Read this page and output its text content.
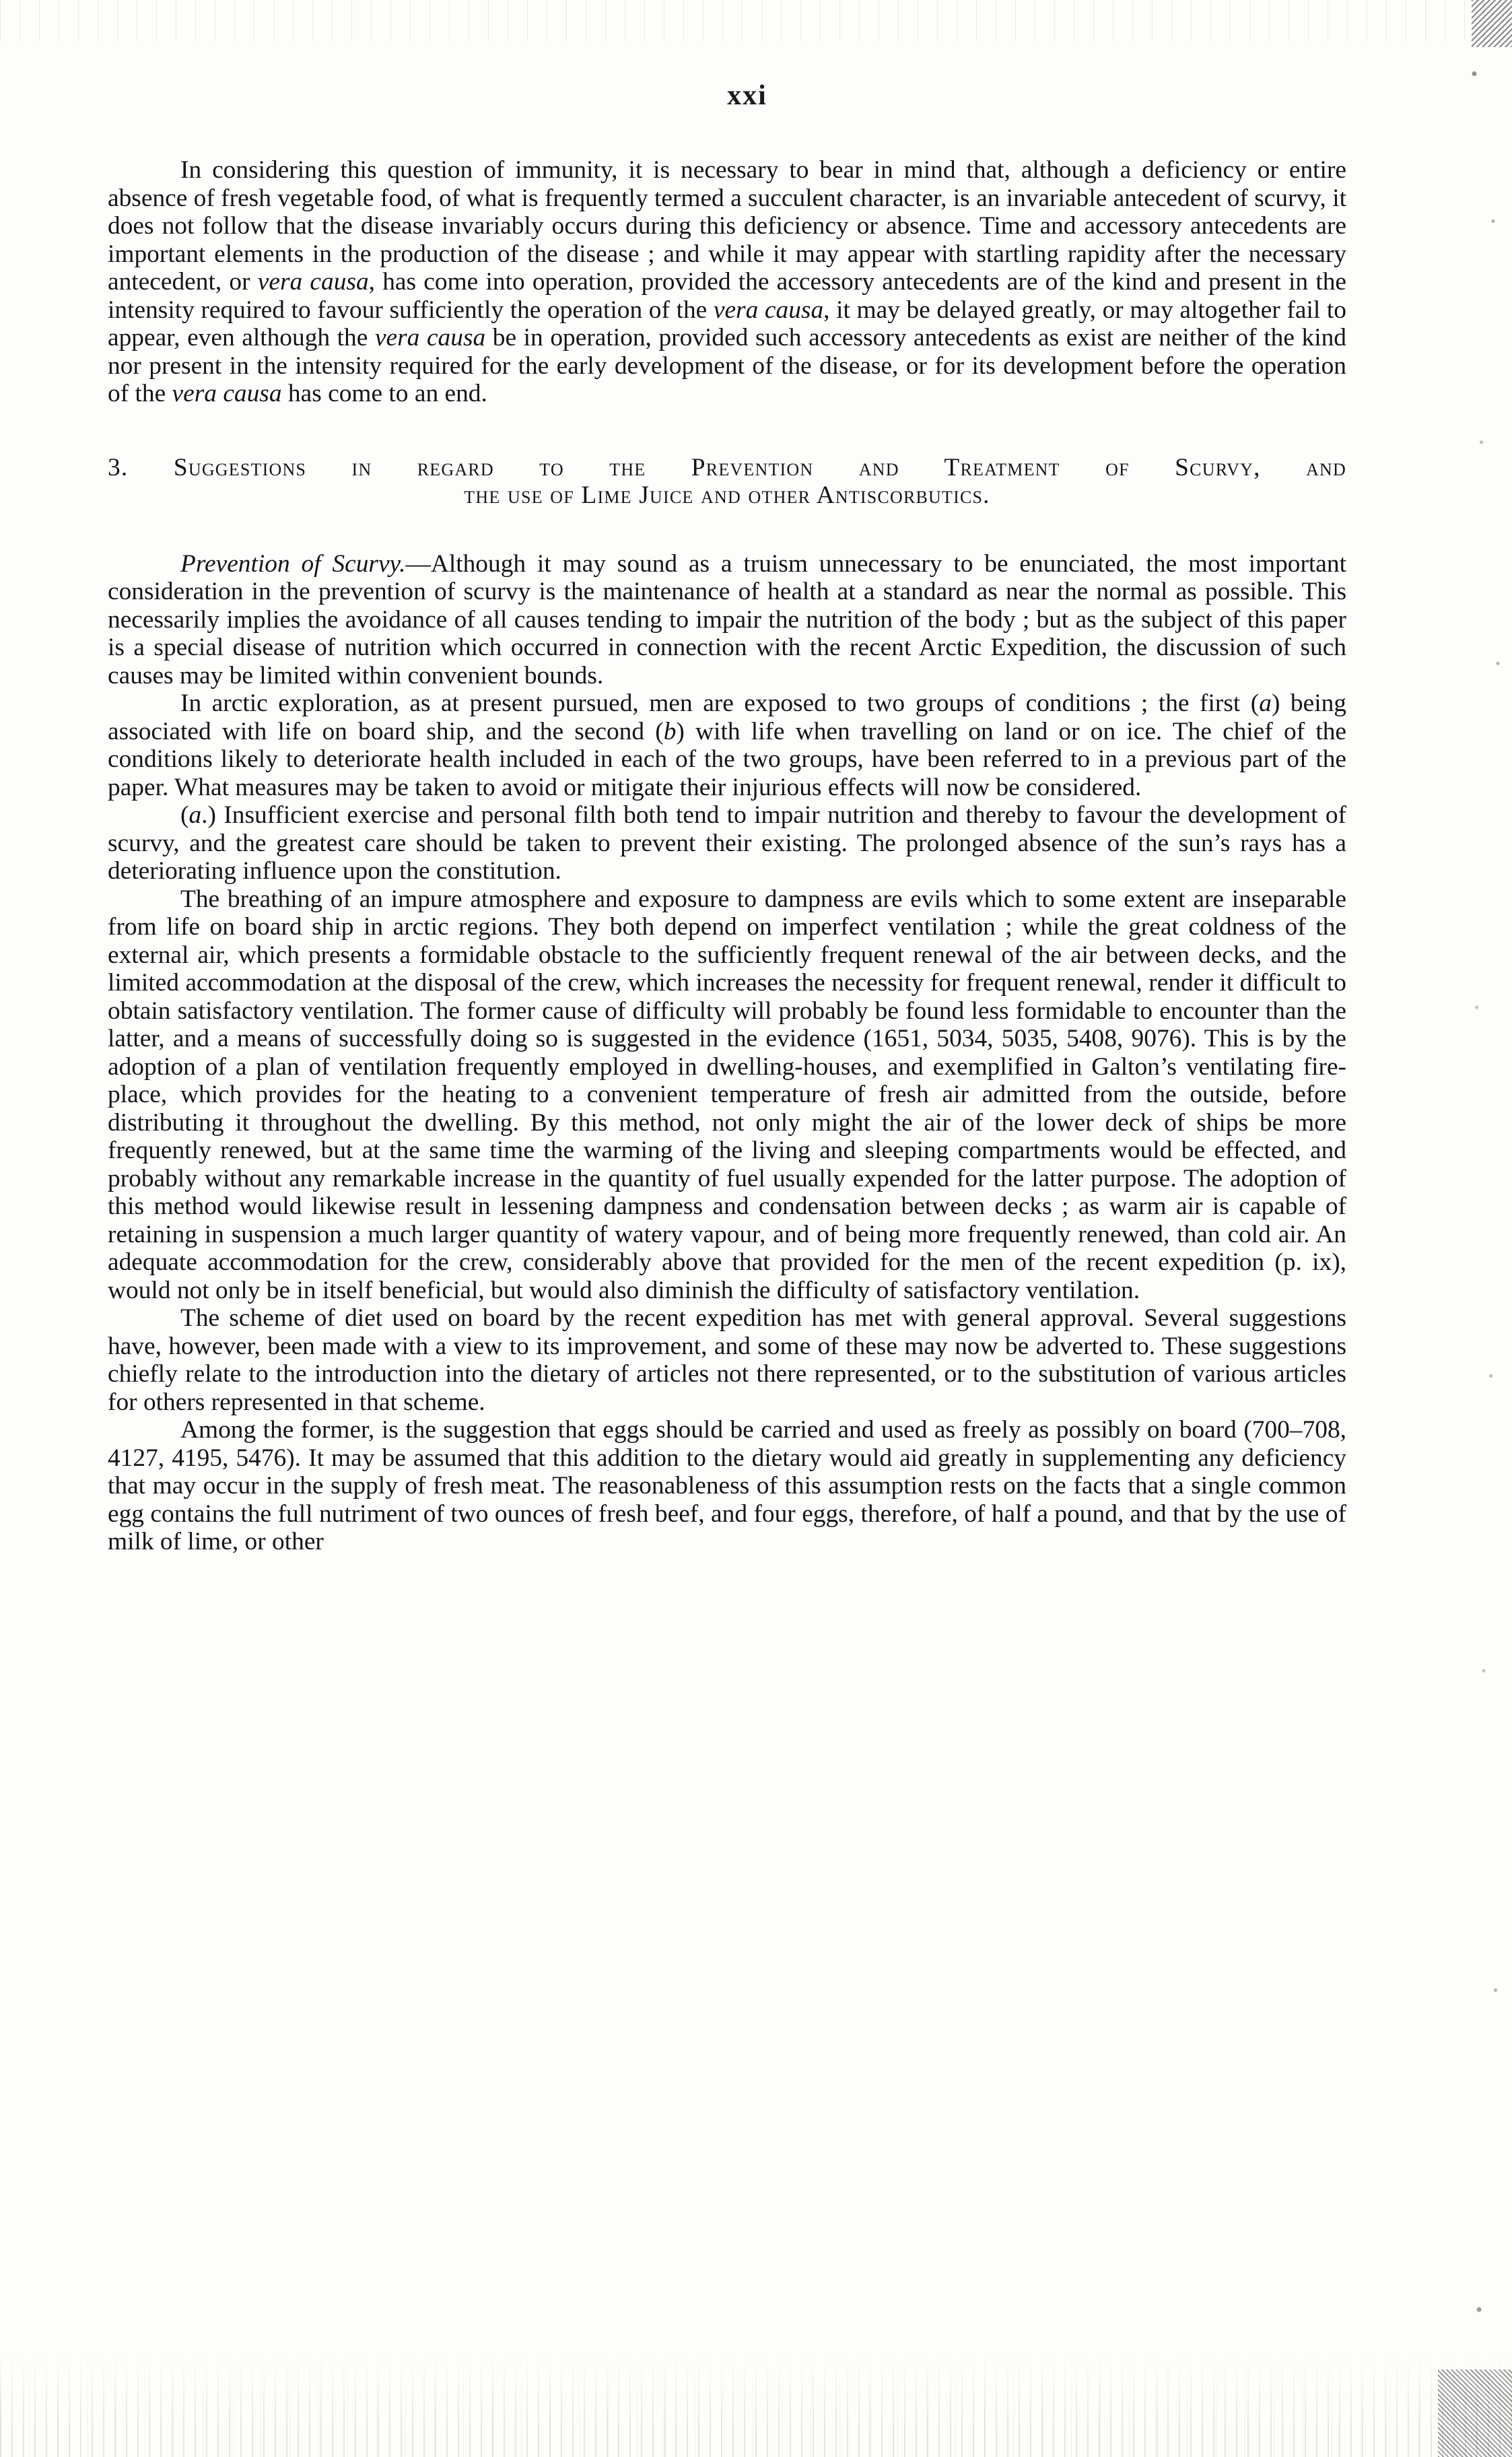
xxi

In considering this question of immunity, it is necessary to bear in mind that, although a deficiency or entire absence of fresh vegetable food, of what is frequently termed a succulent character, is an invariable antecedent of scurvy, it does not follow that the disease invariably occurs during this deficiency or absence. Time and accessory antecedents are important elements in the production of the disease ; and while it may appear with startling rapidity after the necessary antecedent, or vera causa, has come into operation, provided the accessory antecedents are of the kind and present in the intensity required to favour sufficiently the operation of the vera causa, it may be delayed greatly, or may altogether fail to appear, even although the vera causa be in operation, provided such accessory antecedents as exist are neither of the kind nor present in the intensity required for the early development of the disease, or for its development before the operation of the vera causa has come to an end.

3. Suggestions in regard to the Prevention and Treatment of Scurvy, and
the use of Lime Juice and other Antiscorbutics.

Prevention of Scurvy.—Although it may sound as a truism unnecessary to be enunciated, the most important consideration in the prevention of scurvy is the maintenance of health at a standard as near the normal as possible. This necessarily implies the avoidance of all causes tending to impair the nutrition of the body ; but as the subject of this paper is a special disease of nutrition which occurred in connection with the recent Arctic Expedition, the discussion of such causes may be limited within convenient bounds.

In arctic exploration, as at present pursued, men are exposed to two groups of conditions ; the first (a) being associated with life on board ship, and the second (b) with life when travelling on land or on ice. The chief of the conditions likely to deteriorate health included in each of the two groups, have been referred to in a previous part of the paper. What measures may be taken to avoid or mitigate their injurious effects will now be considered.

(a.) Insufficient exercise and personal filth both tend to impair nutrition and thereby to favour the development of scurvy, and the greatest care should be taken to prevent their existing. The prolonged absence of the sun’s rays has a deteriorating influence upon the constitution.

The breathing of an impure atmosphere and exposure to dampness are evils which to some extent are inseparable from life on board ship in arctic regions. They both depend on imperfect ventilation ; while the great coldness of the external air, which presents a formidable obstacle to the sufficiently frequent renewal of the air between decks, and the limited accommodation at the disposal of the crew, which increases the necessity for frequent renewal, render it difficult to obtain satisfactory ventilation. The former cause of difficulty will probably be found less formidable to encounter than the latter, and a means of successfully doing so is suggested in the evidence (1651, 5034, 5035, 5408, 9076). This is by the adoption of a plan of ventilation frequently employed in dwelling-houses, and exemplified in Galton’s ventilating fire-place, which provides for the heating to a convenient temperature of fresh air admitted from the outside, before distributing it throughout the dwelling. By this method, not only might the air of the lower deck of ships be more frequently renewed, but at the same time the warming of the living and sleeping compartments would be effected, and probably without any remarkable increase in the quantity of fuel usually expended for the latter purpose. The adoption of this method would likewise result in lessening dampness and condensation between decks ; as warm air is capable of retaining in suspension a much larger quantity of watery vapour, and of being more frequently renewed, than cold air. An adequate accommodation for the crew, considerably above that provided for the men of the recent expedition (p. ix), would not only be in itself beneficial, but would also diminish the difficulty of satisfactory ventilation.

The scheme of diet used on board by the recent expedition has met with general approval. Several suggestions have, however, been made with a view to its improvement, and some of these may now be adverted to. These suggestions chiefly relate to the introduction into the dietary of articles not there represented, or to the substitution of various articles for others represented in that scheme.

Among the former, is the suggestion that eggs should be carried and used as freely as possibly on board (700–708, 4127, 4195, 5476). It may be assumed that this addition to the dietary would aid greatly in supplementing any deficiency that may occur in the supply of fresh meat. The reasonableness of this assumption rests on the facts that a single common egg contains the full nutriment of two ounces of fresh beef, and four eggs, therefore, of half a pound, and that by the use of milk of lime, or other
